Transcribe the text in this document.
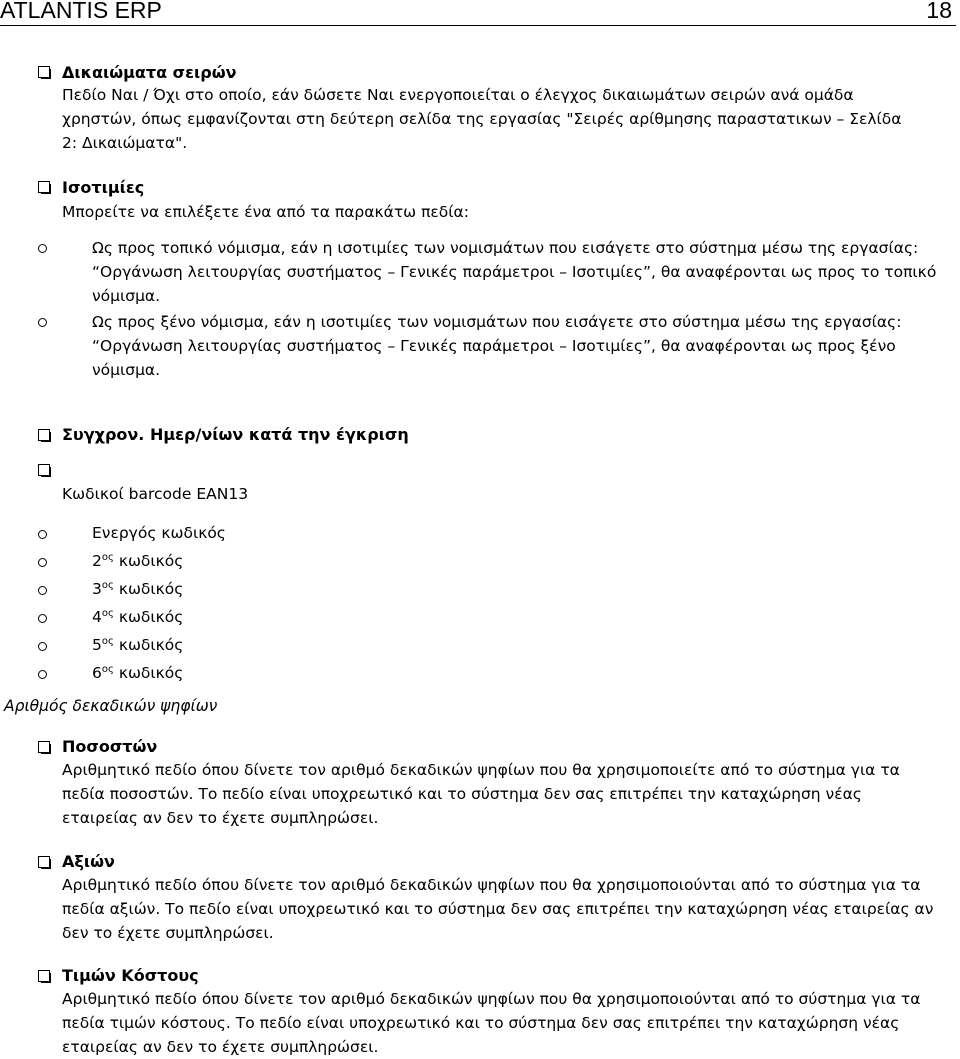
ATLANTIS ERP	18
Δικαιώματα σειρών
Πεδίο Ναι / Όχι στο οποίο, εάν δώσετε Ναι ενεργοποιείται ο έλεγχος δικαιωμάτων σειρών ανά ομάδα χρηστών, όπως εμφανίζονται στη δεύτερη σελίδα της εργασίας "Σειρές αρίθμησης παραστατικων – Σελίδα 2: Δικαιώματα".
Ισοτιμίες
Μπορείτε να επιλέξετε ένα από τα παρακάτω πεδία:
Ως προς τοπικό νόμισμα, εάν η ισοτιμίες των νομισμάτων που εισάγετε στο σύστημα μέσω της εργασίας: “Οργάνωση λειτουργίας συστήματος – Γενικές παράμετροι – Ισοτιμίες”, θα αναφέρονται ως προς το τοπικό νόμισμα.
Ως προς ξένο νόμισμα, εάν η ισοτιμίες των νομισμάτων που εισάγετε στο σύστημα μέσω της εργασίας: “Οργάνωση λειτουργίας συστήματος – Γενικές παράμετροι – Ισοτιμίες”, θα αναφέρονται ως προς ξένο νόμισμα.
Συγχρον. Ημερ/νίων κατά την έγκριση
Κωδικοί barcode EAN13
Ενεργός κωδικός
$2^{o\varsigma}$ κωδικός
$3^{o\varsigma}$ κωδικός
$4^{o\varsigma}$ κωδικός
$5^{o\varsigma}$ κωδικός
$6^{o\varsigma}$ κωδικός
Αριθμός δεκαδικών ψηφίων
Ποσοστών
Αριθμητικό πεδίο όπου δίνετε τον αριθμό δεκαδικών ψηφίων που θα χρησιμοποιείτε από το σύστημα για τα πεδία ποσοστών. Το πεδίο είναι υποχρεωτικό και το σύστημα δεν σας επιτρέπει την καταχώρηση νέας εταιρείας αν δεν το έχετε συμπληρώσει.
Αξιών
Αριθμητικό πεδίο όπου δίνετε τον αριθμό δεκαδικών ψηφίων που θα χρησιμοποιούνται από το σύστημα για τα πεδία αξιών. Το πεδίο είναι υποχρεωτικό και το σύστημα δεν σας επιτρέπει την καταχώρηση νέας εταιρείας αν δεν το έχετε συμπληρώσει.
Τιμών Κόστους
Αριθμητικό πεδίο όπου δίνετε τον αριθμό δεκαδικών ψηφίων που θα χρησιμοποιούνται από το σύστημα για τα πεδία τιμών κόστους. Το πεδίο είναι υποχρεωτικό και το σύστημα δεν σας επιτρέπει την καταχώρηση νέας εταιρείας αν δεν το έχετε συμπληρώσει.
